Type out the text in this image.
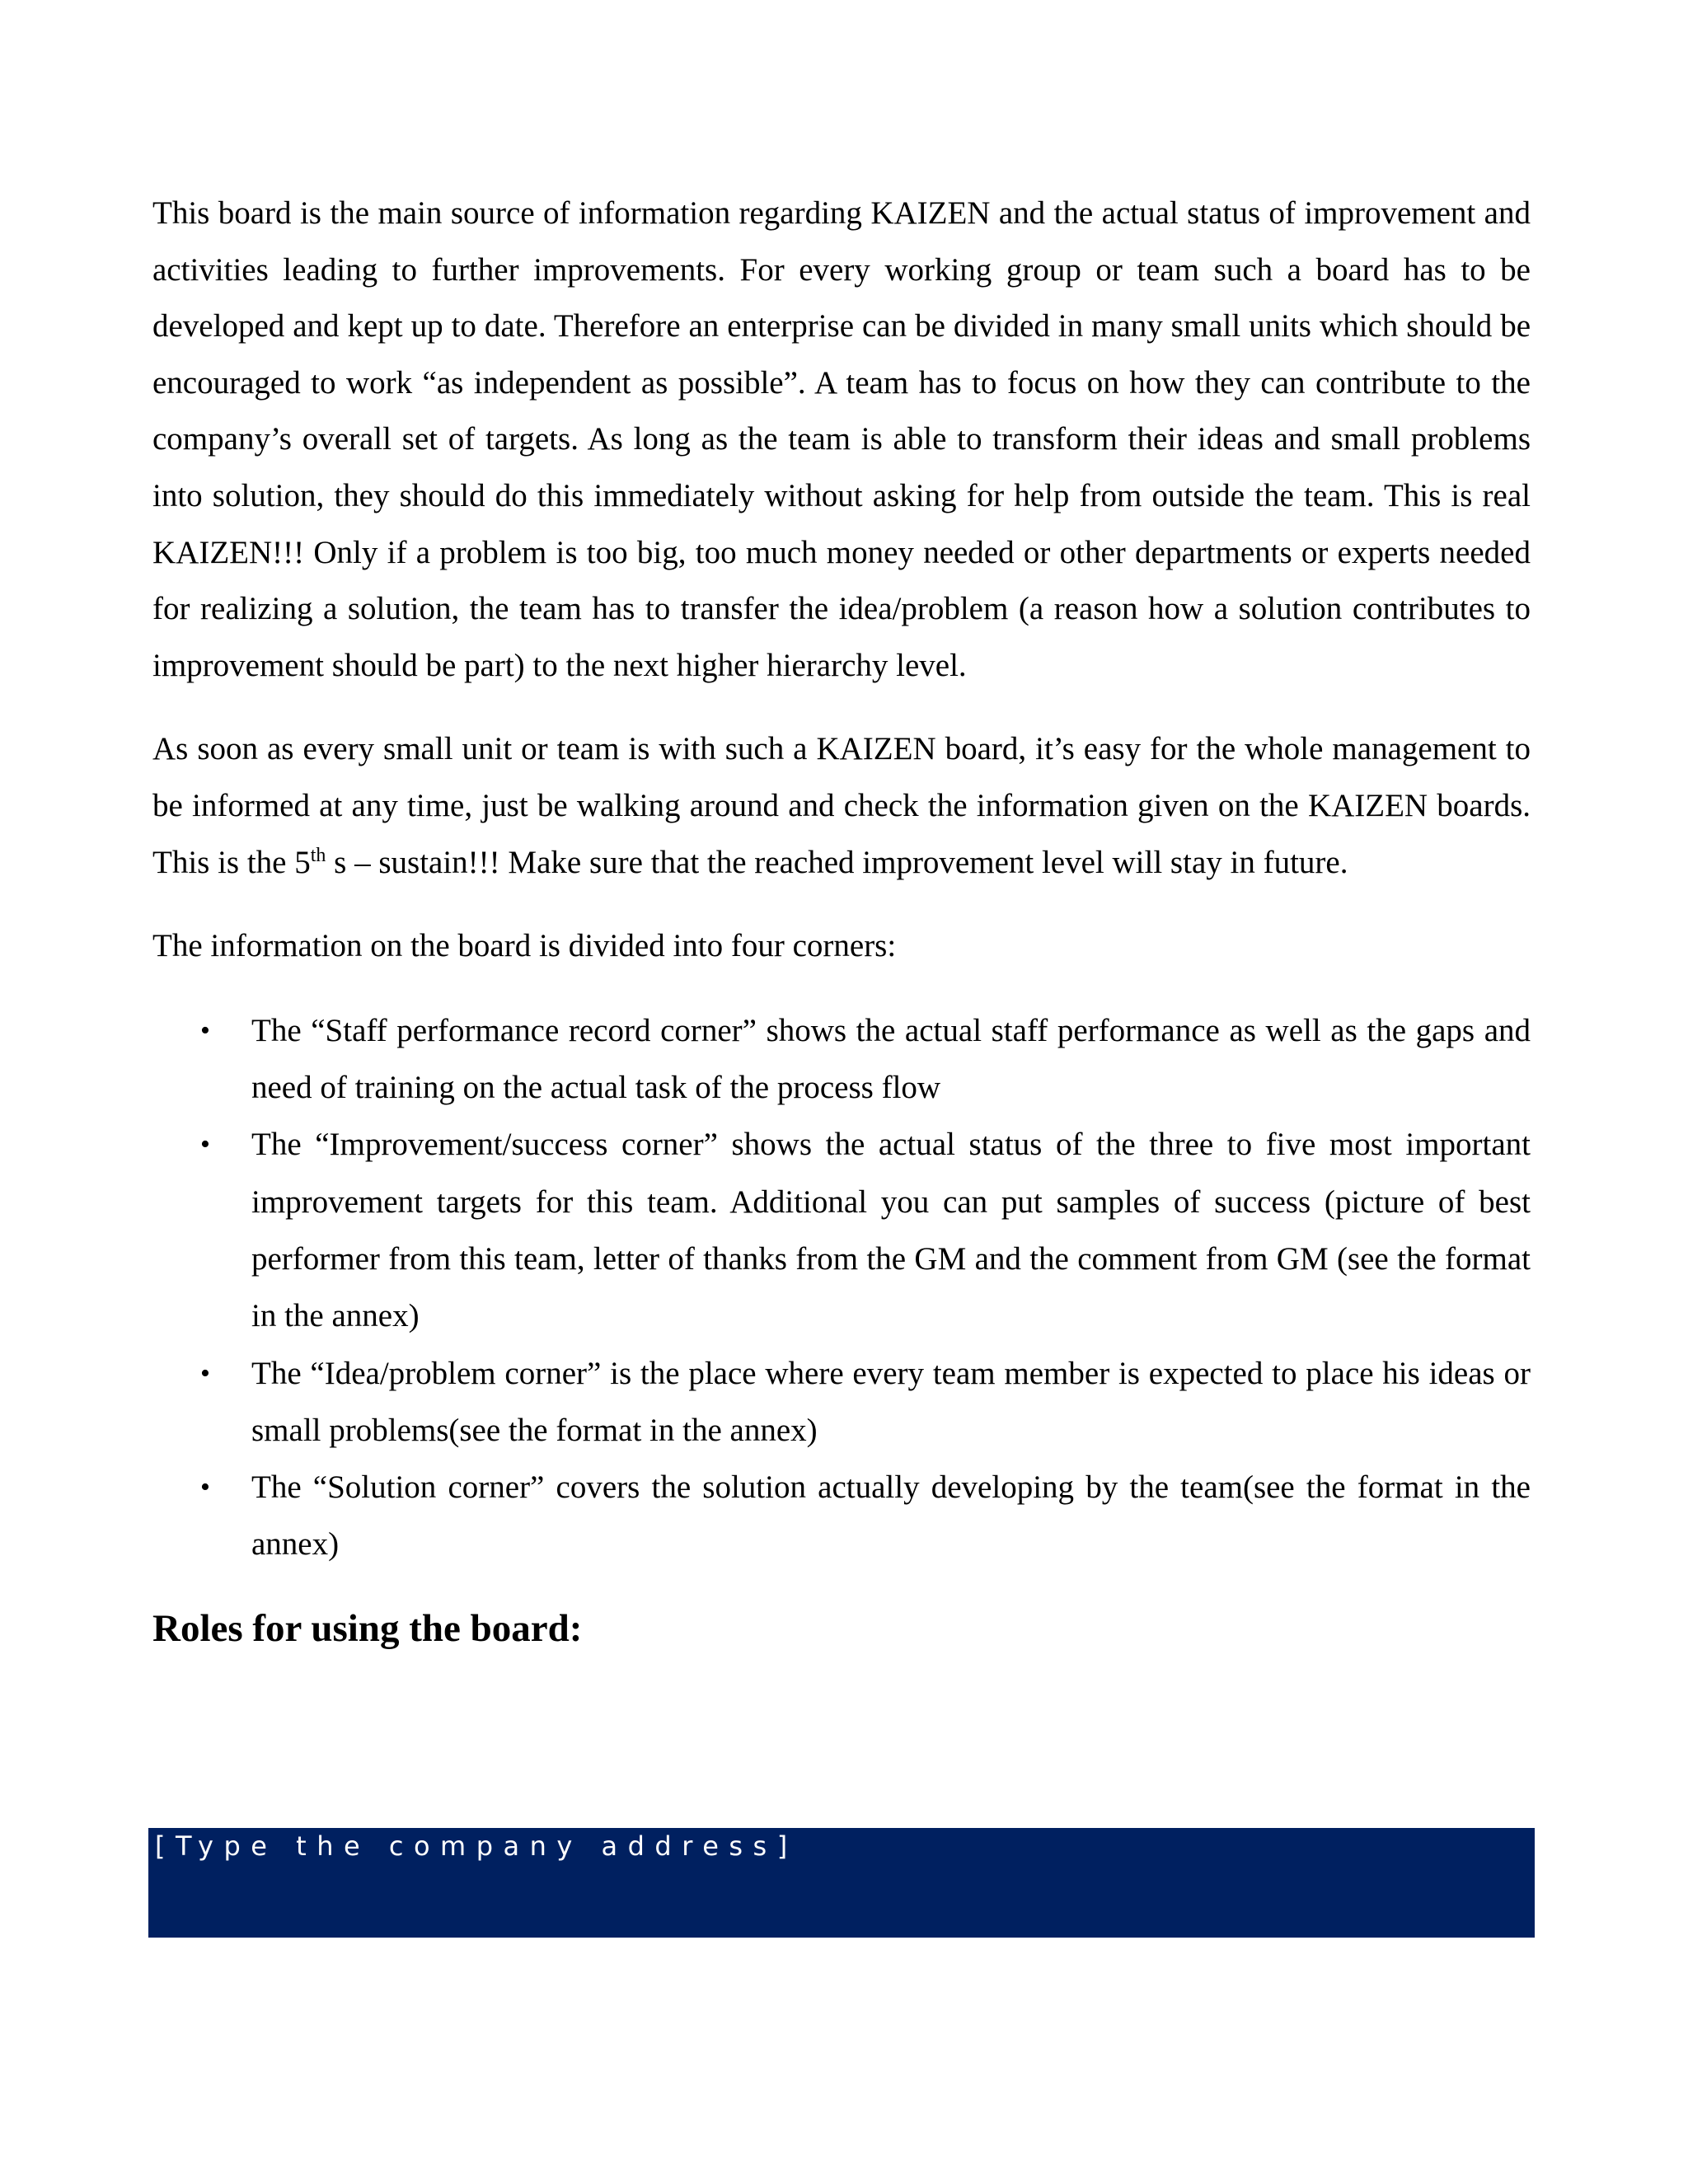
This board is the main source of information regarding KAIZEN and the actual status of improvement and activities leading to further improvements. For every working group or team such a board has to be developed and kept up to date. Therefore an enterprise can be divided in many small units which should be encouraged to work “as independent as possible”. A team has to focus on how they can contribute to the company’s overall set of targets. As long as the team is able to transform their ideas and small problems into solution, they should do this immediately without asking for help from outside the team. This is real KAIZEN!!! Only if a problem is too big, too much money needed or other departments or experts needed for realizing a solution, the team has to transfer the idea/problem (a reason how a solution contributes to improvement should be part) to the next higher hierarchy level.

As soon as every small unit or team is with such a KAIZEN board, it’s easy for the whole management to be informed at any time, just be walking around and check the information given on the KAIZEN boards. This is the 5th s – sustain!!! Make sure that the reached improvement level will stay in future.

The information on the board is divided into four corners:

• The “Staff performance record corner” shows the actual staff performance as well as the gaps and need of training on the actual task of the process flow
• The “Improvement/success corner” shows the actual status of the three to five most important improvement targets for this team. Additional you can put samples of success (picture of best performer from this team, letter of thanks from the GM and the comment from GM (see the format in the annex)
• The “Idea/problem corner” is the place where every team member is expected to place his ideas or small problems(see the format in the annex)
• The “Solution corner” covers the solution actually developing by the team(see the format in the annex)
Roles for using the board:
[Type the company address]
